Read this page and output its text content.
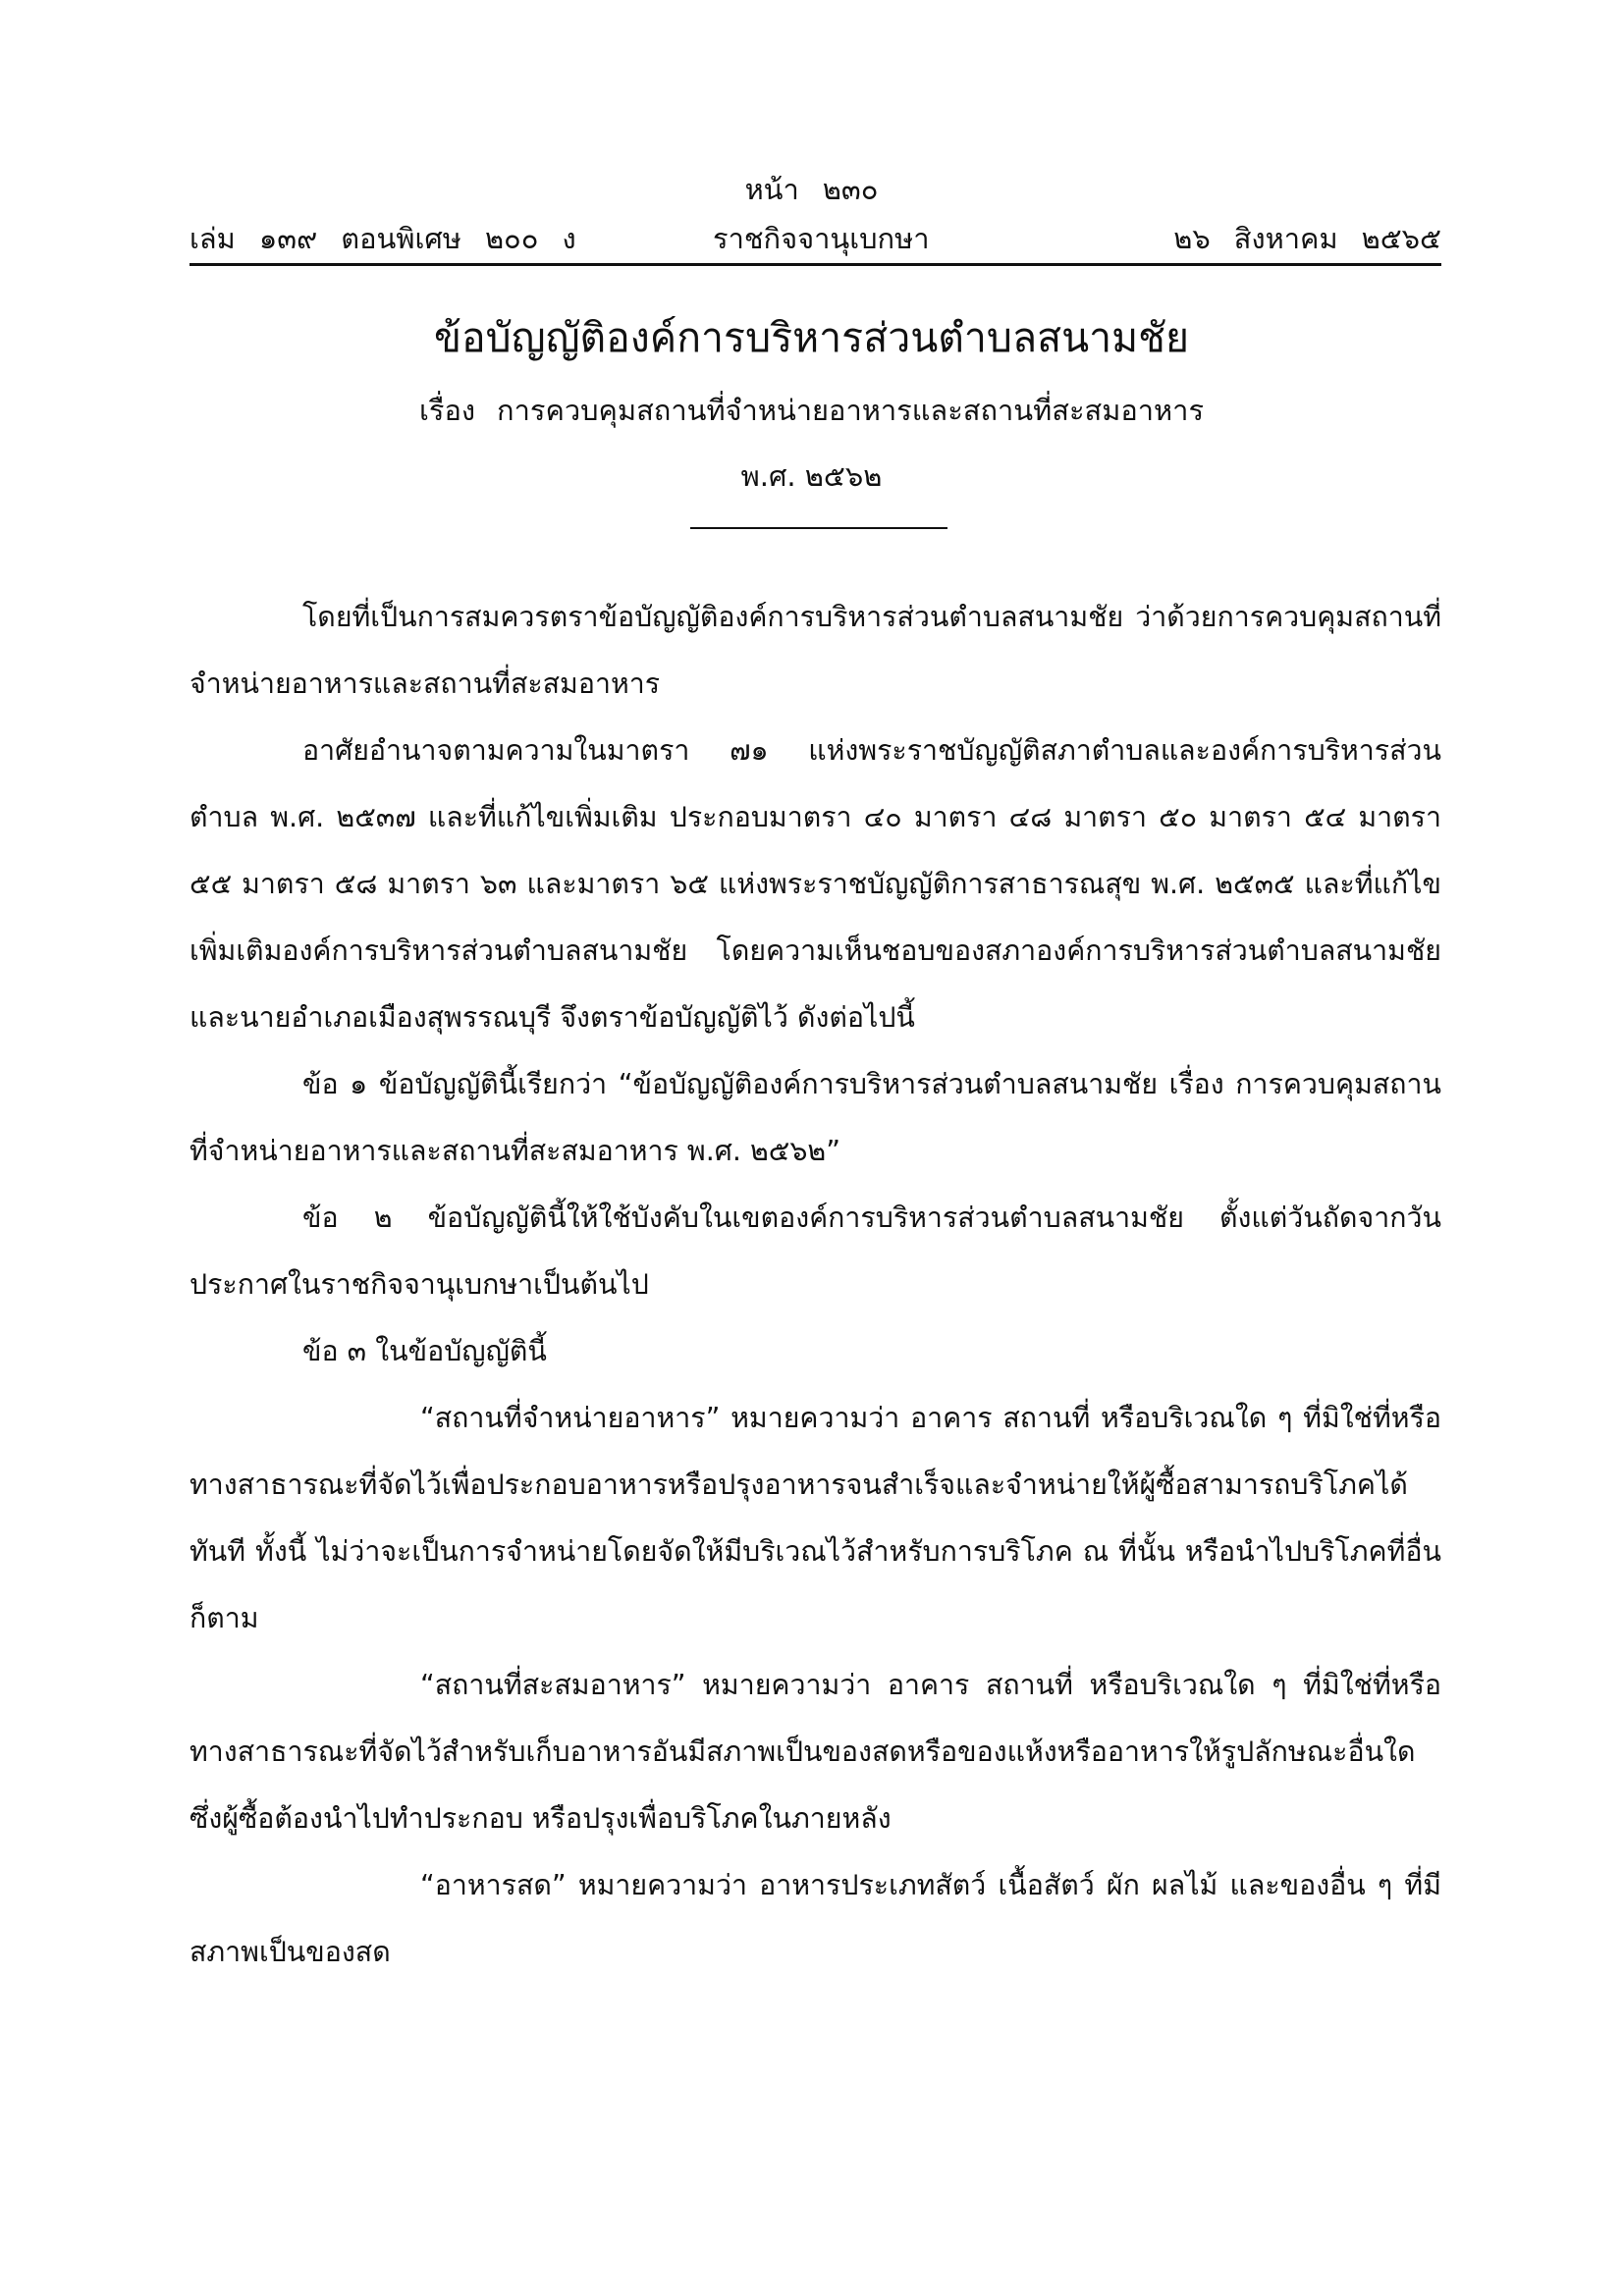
หน้า ๒๓๐
เล่ม ๑๓๙ ตอนพิเศษ ๒๐๐ ง	ราชกิจจานุเบกษา	๒๖ สิงหาคม ๒๕๖๕
ข้อบัญญัติองค์การบริหารส่วนตำบลสนามชัย
เรื่อง การควบคุมสถานที่จำหน่ายอาหารและสถานที่สะสมอาหาร
พ.ศ. ๒๕๖๒

โดยที่เป็นการสมควรตราข้อบัญญัติองค์การบริหารส่วนตำบลสนามชัย ว่าด้วยการควบคุมสถานที่จำหน่ายอาหารและสถานที่สะสมอาหาร

อาศัยอำนาจตามความในมาตรา ๗๑ แห่งพระราชบัญญัติสภาตำบลและองค์การบริหารส่วนตำบล พ.ศ. ๒๕๓๗ และที่แก้ไขเพิ่มเติม ประกอบมาตรา ๔๐ มาตรา ๔๘ มาตรา ๕๐ มาตรา ๕๔ มาตรา ๕๕ มาตรา ๕๘ มาตรา ๖๓ และมาตรา ๖๕ แห่งพระราชบัญญัติการสาธารณสุข พ.ศ. ๒๕๓๕ และที่แก้ไขเพิ่มเติมองค์การบริหารส่วนตำบลสนามชัย โดยความเห็นชอบของสภาองค์การบริหารส่วนตำบลสนามชัย และนายอำเภอเมืองสุพรรณบุรี จึงตราข้อบัญญัติไว้ ดังต่อไปนี้

ข้อ ๑ ข้อบัญญัตินี้เรียกว่า “ข้อบัญญัติองค์การบริหารส่วนตำบลสนามชัย เรื่อง การควบคุมสถานที่จำหน่ายอาหารและสถานที่สะสมอาหาร พ.ศ. ๒๕๖๒”

ข้อ ๒ ข้อบัญญัตินี้ให้ใช้บังคับในเขตองค์การบริหารส่วนตำบลสนามชัย ตั้งแต่วันถัดจากวันประกาศในราชกิจจานุเบกษาเป็นต้นไป

ข้อ ๓ ในข้อบัญญัตินี้

“สถานที่จำหน่ายอาหาร” หมายความว่า อาคาร สถานที่ หรือบริเวณใด ๆ ที่มิใช่ที่หรือทางสาธารณะที่จัดไว้เพื่อประกอบอาหารหรือปรุงอาหารจนสำเร็จและจำหน่ายให้ผู้ซื้อสามารถบริโภคได้ทันที ทั้งนี้ ไม่ว่าจะเป็นการจำหน่ายโดยจัดให้มีบริเวณไว้สำหรับการบริโภค ณ ที่นั้น หรือนำไปบริโภคที่อื่นก็ตาม

“สถานที่สะสมอาหาร” หมายความว่า อาคาร สถานที่ หรือบริเวณใด ๆ ที่มิใช่ที่หรือทางสาธารณะที่จัดไว้สำหรับเก็บอาหารอันมีสภาพเป็นของสดหรือของแห้งหรืออาหารให้รูปลักษณะอื่นใดซึ่งผู้ซื้อต้องนำไปทำประกอบ หรือปรุงเพื่อบริโภคในภายหลัง

“อาหารสด” หมายความว่า อาหารประเภทสัตว์ เนื้อสัตว์ ผัก ผลไม้ และของอื่น ๆ ที่มีสภาพเป็นของสด
